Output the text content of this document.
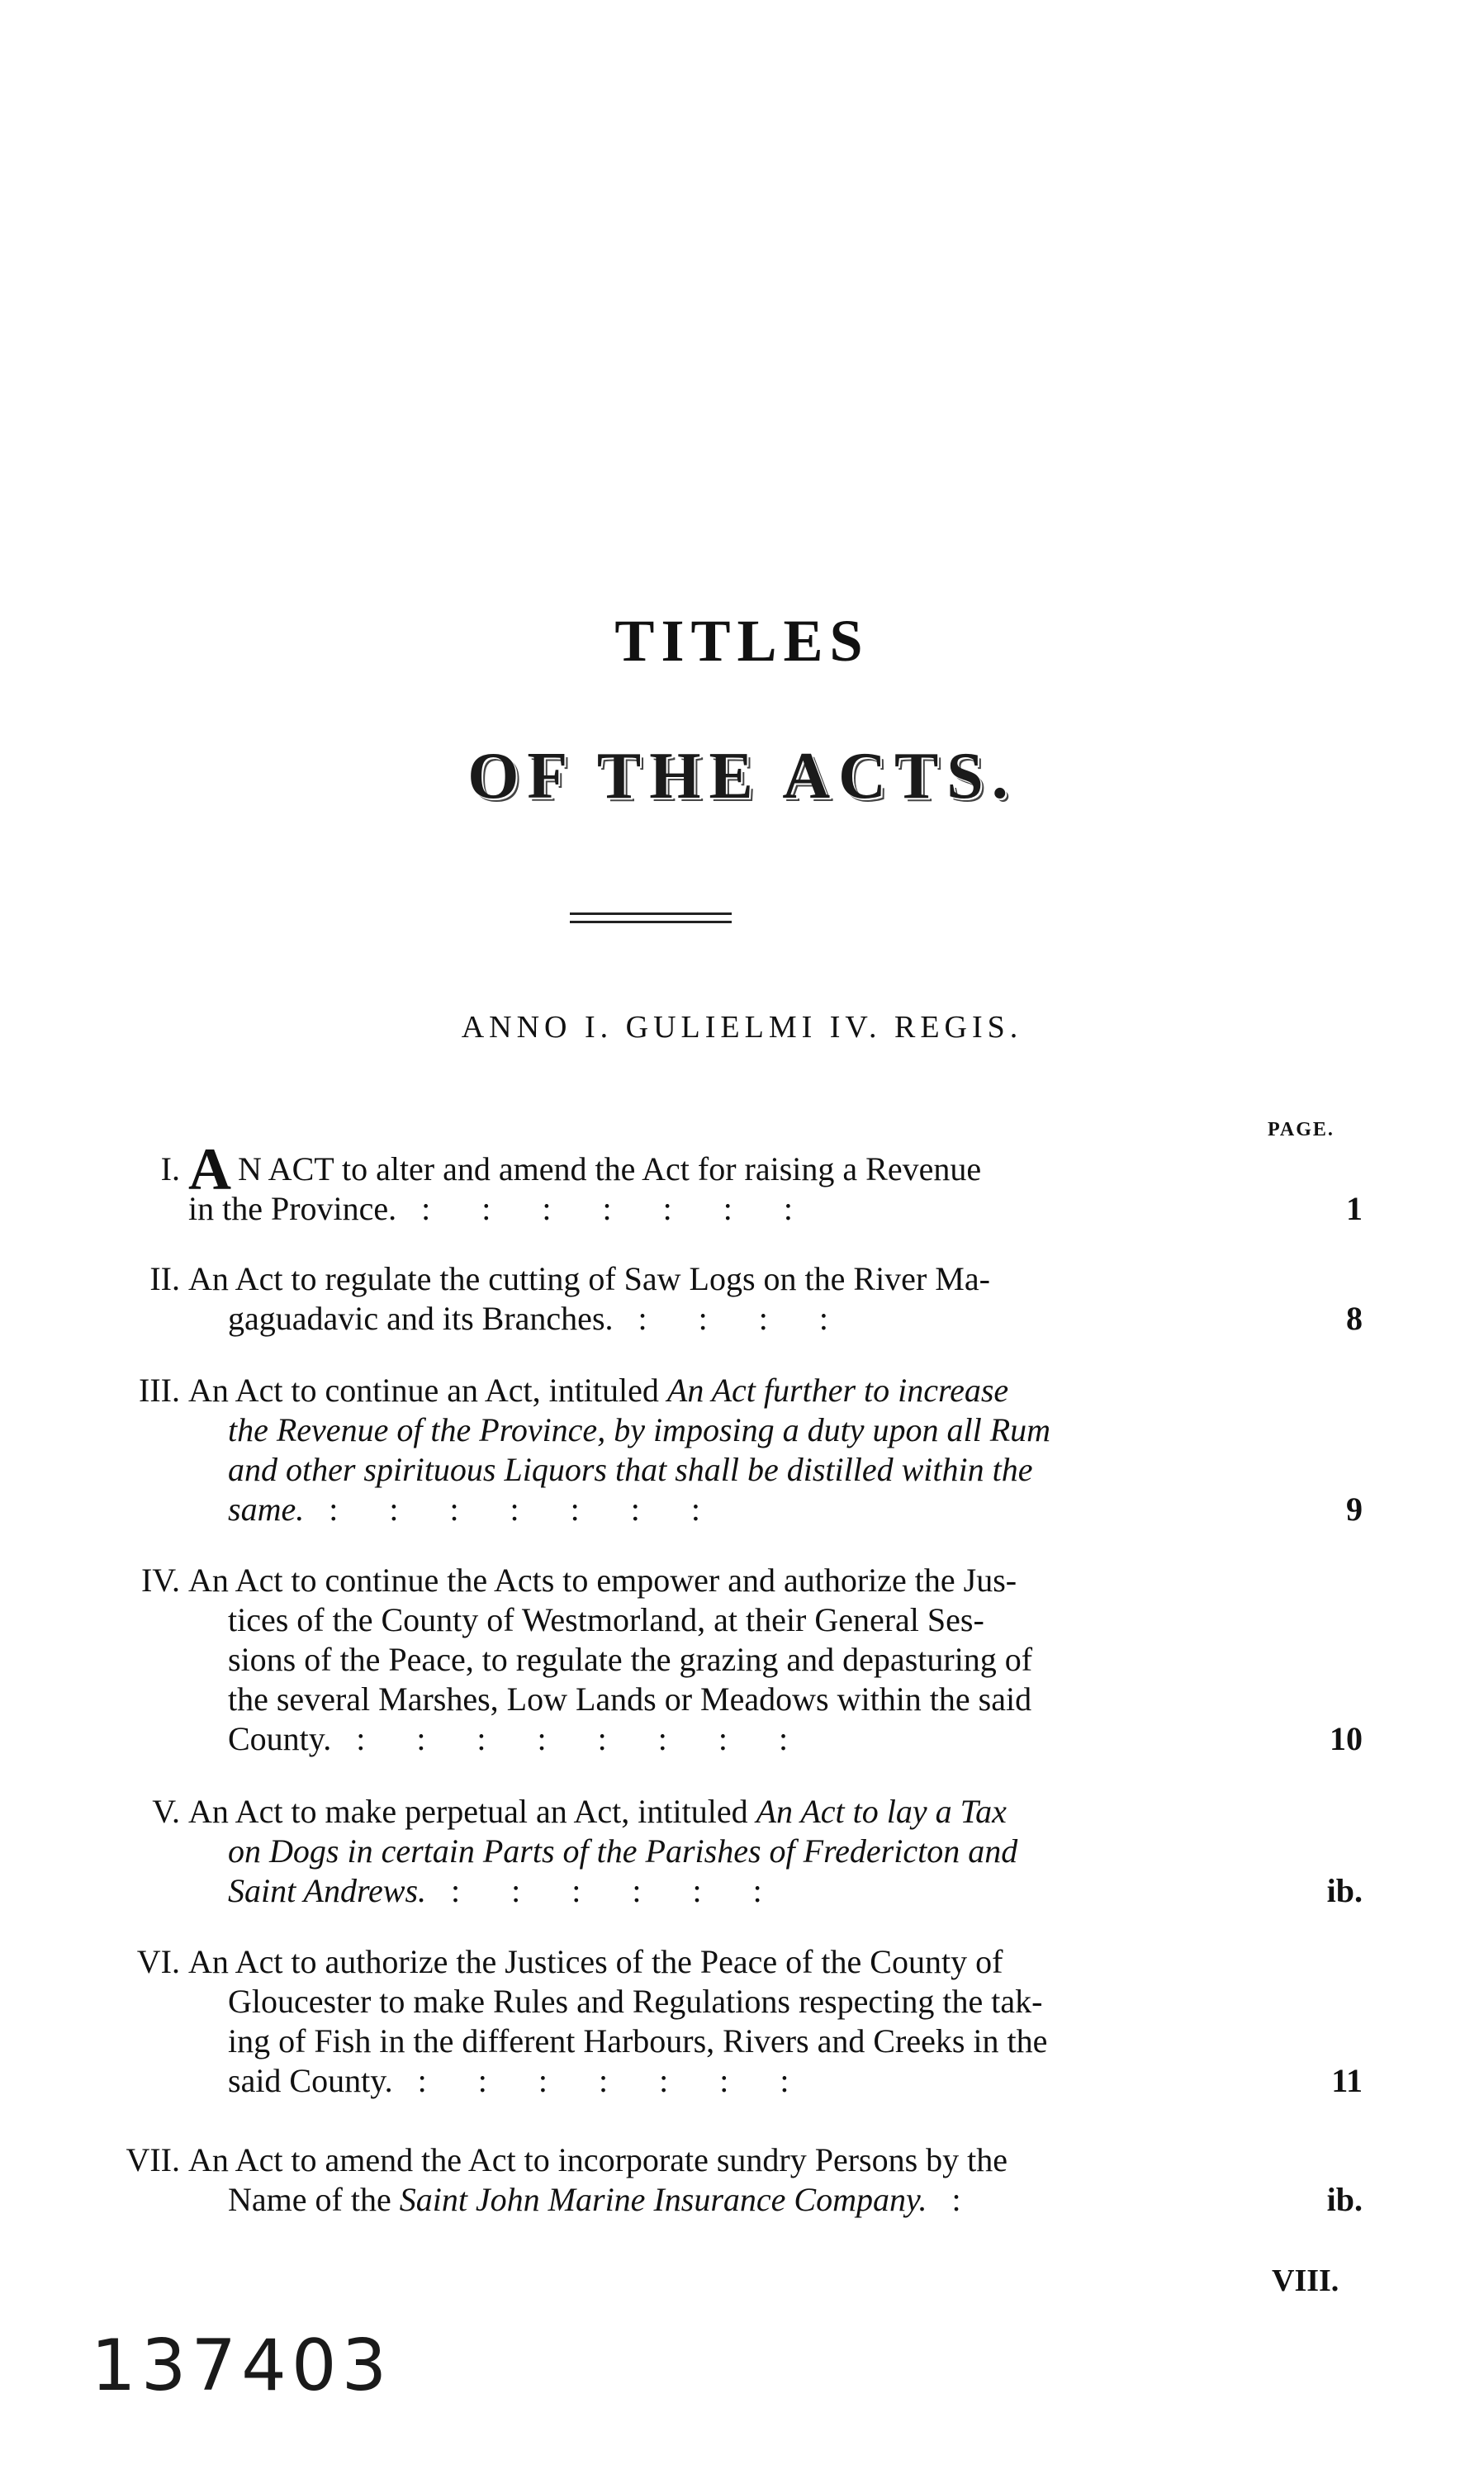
TITLES
OF THE ACTS.
ANNO I. GULIELMI IV. REGIS.
PAGE.
I. A N ACT to alter and amend the Act for raising a Revenue
in the Province. :::::::	1
II. An Act to regulate the cutting of Saw Logs on the River Ma-
gaguadavic and its Branches. ::::	8
III. An Act to continue an Act, intituled An Act further to increase
the Revenue of the Province, by imposing a duty upon all Rum
and other spirituous Liquors that shall be distilled within the
same. :::::::	9
IV. An Act to continue the Acts to empower and authorize the Jus-
tices of the County of Westmorland, at their General Ses-
sions of the Peace, to regulate the grazing and depasturing of
the several Marshes, Low Lands or Meadows within the said
County. ::::::::	10
V. An Act to make perpetual an Act, intituled An Act to lay a Tax
on Dogs in certain Parts of the Parishes of Fredericton and
Saint Andrews. ::::::	ib.
VI. An Act to authorize the Justices of the Peace of the County of
Gloucester to make Rules and Regulations respecting the tak-
ing of Fish in the different Harbours, Rivers and Creeks in the
said County. :::::::	11
VII. An Act to amend the Act to incorporate sundry Persons by the
Name of the Saint John Marine Insurance Company. :	ib.
VIII.
137403
